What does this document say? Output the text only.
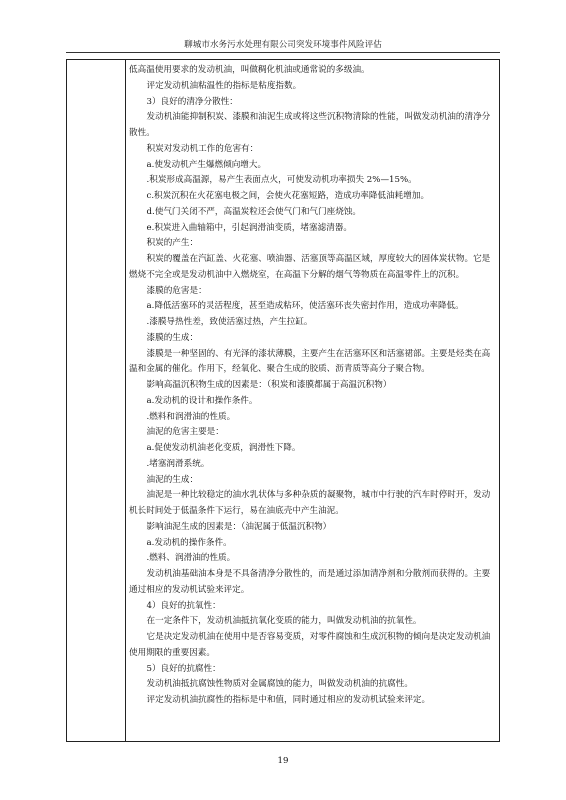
聊城市水务污水处理有限公司突发环境事件风险评估

低高温使用要求的发动机油，叫做稠化机油或通常说的多级油。

评定发动机油粘温性的指标是粘度指数。

3）良好的清净分散性：

发动机油能抑制积炭、漆膜和油泥生成或将这些沉积物清除的性能，叫做发动机油的清净分散性。

积炭对发动机工作的危害有：

a.使发动机产生爆燃倾向增大。

.积炭形成高温源，易产生表面点火，可使发动机功率损失 2%—15%。

c.积炭沉积在火花塞电极之间，会使火花塞短路，造成功率降低油耗增加。

d.使气门关闭不严，高温炭粒还会使气门和气门座烧蚀。

e.积炭进入曲轴箱中，引起润滑油变质，堵塞滤清器。

积炭的产生：

积炭的覆盖在汽缸盖、火花塞、喷油器、活塞顶等高温区域，厚度较大的固体炭状物。它是燃烧不完全或是发动机油中入燃烧室，在高温下分解的烟气等物质在高温零件上的沉积。

漆膜的危害是：

a.降低活塞环的灵活程度，甚至造成粘环，使活塞环丧失密封作用，造成功率降低。

.漆膜导热性差，致使活塞过热，产生拉缸。

漆膜的生成：

漆膜是一种坚固的、有光泽的漆状薄膜，主要产生在活塞环区和活塞裙部。主要是烃类在高温和金属的催化。作用下，经氧化、聚合生成的胶质、沥青质等高分子聚合物。

影响高温沉积物生成的因素是：（积炭和漆膜都属于高温沉积物）

a.发动机的设计和操作条件。

.燃料和润滑油的性质。

油泥的危害主要是：

a.促使发动机油老化变质，润滑性下降。

.堵塞润滑系统。

油泥的生成：

油泥是一种比较稳定的油水乳状体与多种杂质的凝聚物，城市中行驶的汽车时停时开，发动机长时间处于低温条件下运行，易在油底壳中产生油泥。

影响油泥生成的因素是：（油泥属于低温沉积物）

a.发动机的操作条件。

.燃料、润滑油的性质。

发动机油基础油本身是不具备清净分散性的，而是通过添加清净剂和分散剂而获得的。主要通过相应的发动机试验来评定。

4）良好的抗氧性：

在一定条件下，发动机油抵抗氧化变质的能力，叫做发动机油的抗氧性。

它是决定发动机油在使用中是否容易变质，对零件腐蚀和生成沉积物的倾向是决定发动机油使用期限的重要因素。

5）良好的抗腐性：

发动机油抵抗腐蚀性物质对金属腐蚀的能力，叫做发动机油的抗腐性。

评定发动机油抗腐性的指标是中和值，同时通过相应的发动机试验来评定。

19
